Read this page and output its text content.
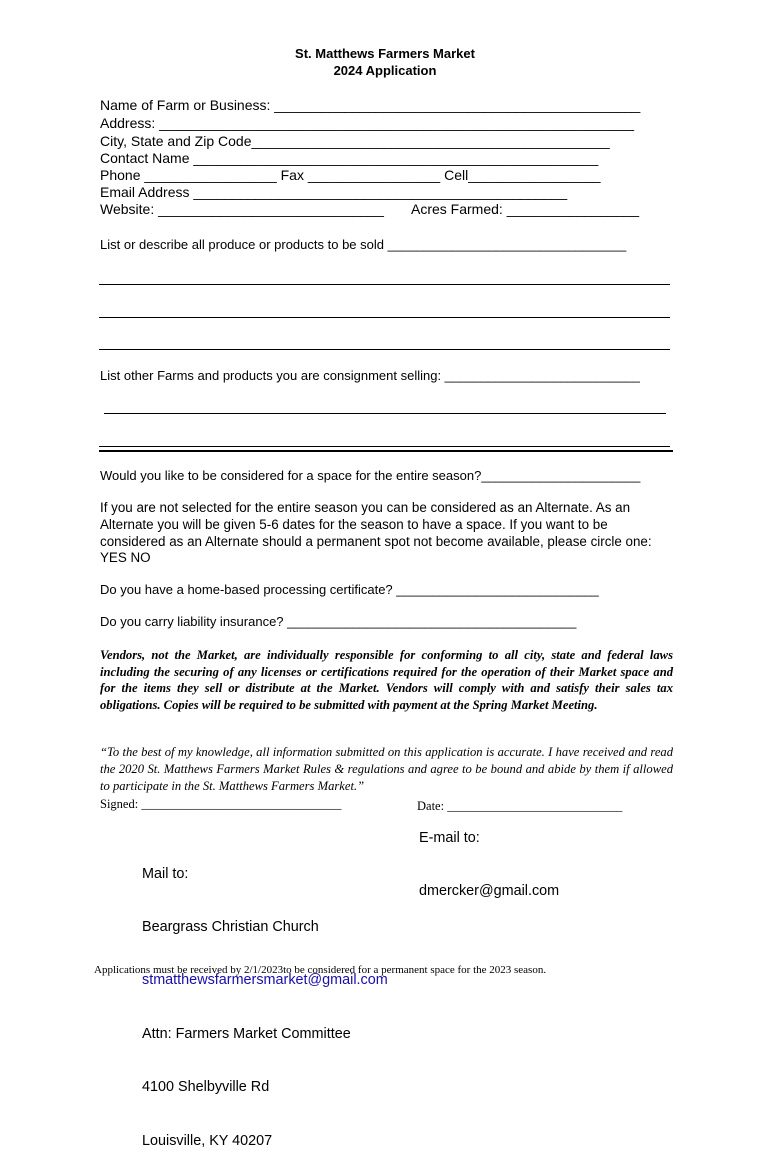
St. Matthews Farmers Market
2024 Application
Name of Farm or Business: _______________________________________________
Address: _____________________________________________________________
City, State and Zip Code______________________________________________
Contact Name ____________________________________________________
Phone _________________ Fax _________________ Cell_________________
Email Address ________________________________________________
Website: _____________________________ Acres Farmed: _________________
List or describe all produce or products to be sold _________________________________
List other Farms and products you are consignment selling: ___________________________
Would you like to be considered for a space for the entire season?______________________
If you are not selected for the entire season you can be considered as an Alternate. As an Alternate you will be given 5-6 dates for the season to have a space. If you want to be considered as an Alternate should a permanent spot not become available, please circle one: YES NO
Do you have a home-based processing certificate? ____________________________
Do you carry liability insurance? ________________________________________
Vendors, not the Market, are individually responsible for conforming to all city, state and federal laws including the securing of any licenses or certifications required for the operation of their Market space and for the items they sell or distribute at the Market. Vendors will comply with and satisfy their sales tax obligations. Copies will be required to be submitted with payment at the Spring Market Meeting.
“To the best of my knowledge, all information submitted on this application is accurate. I have received and read the 2020 St. Matthews Farmers Market Rules & regulations and agree to be bound and abide by them if allowed to participate in the St. Matthews Farmers Market.”
Signed: ________________________________	Date: ____________________________

Mail to:

Beargrass Christian Church

stmatthewsfarmersmarket@gmail.com

Attn: Farmers Market Committee

4100 Shelbyville Rd

Louisville, KY 40207

E-mail to:
dmercker@gmail.com
Applications must be received by 2/1/2023to be considered for a permanent space for the 2023 season.
